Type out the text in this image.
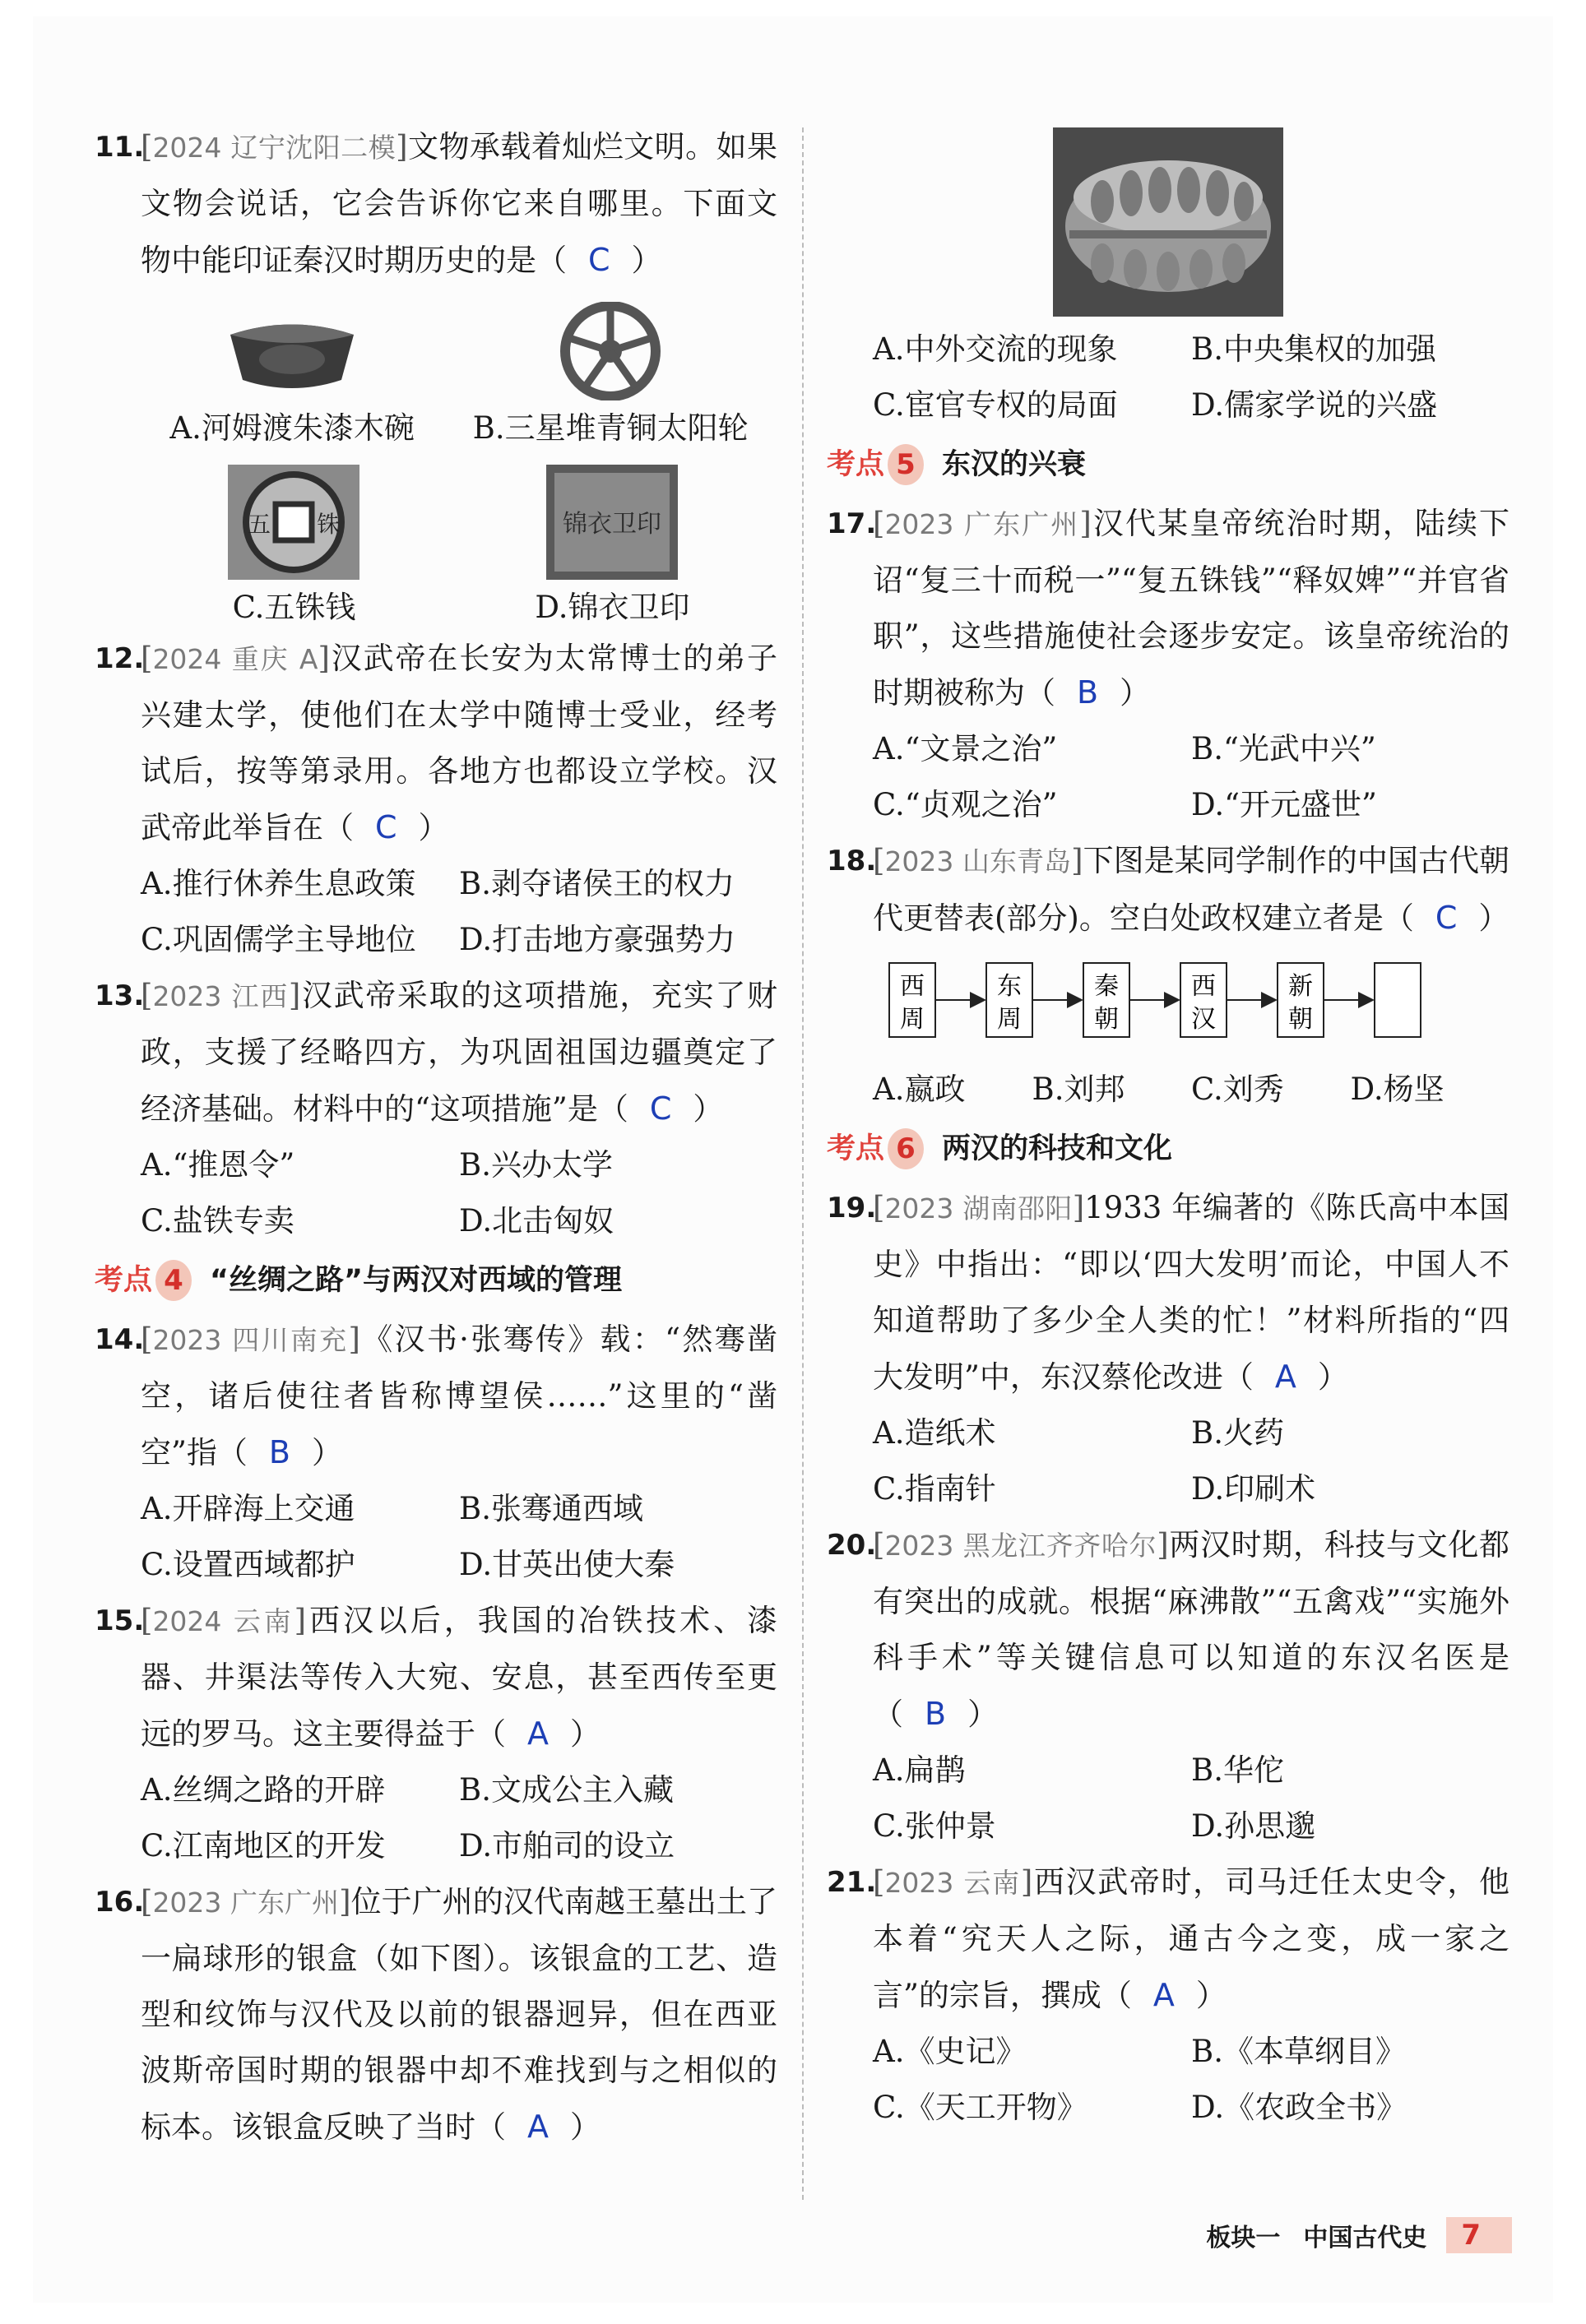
11.
[2024 辽宁沈阳二模]文物承载着灿烂文明。如果文物会说话，它会告诉你它来自哪里。下面文物中能印证秦汉时期历史的是（ C ）
A.河姆渡朱漆木碗 B.三星堆青铜太阳轮
五 铢
C.五铢钱
锦衣卫印
D.锦衣卫印
12.
[2024 重庆 A]汉武帝在长安为太常博士的弟子兴建太学，使他们在太学中随博士受业，经考试后，按等第录用。各地方也都设立学校。汉武帝此举旨在（ C ）
A.推行休养生息政策	B.剥夺诸侯王的权力
C.巩固儒学主导地位	D.打击地方豪强势力
13.
[2023 江西]汉武帝采取的这项措施，充实了财政，支援了经略四方，为巩固祖国边疆奠定了经济基础。材料中的“这项措施”是（ C ）
A.“推恩令”	B.兴办太学
C.盐铁专卖	D.北击匈奴
考点 4 “丝绸之路”与两汉对西域的管理
14.
[2023 四川南充]《汉书·张骞传》载：“然骞凿空，诸后使往者皆称博望侯……”这里的“凿空”指（ B ）
A.开辟海上交通	B.张骞通西域
C.设置西域都护	D.甘英出使大秦
15.
[2024 云南]西汉以后，我国的冶铁技术、漆器、井渠法等传入大宛、安息，甚至西传至更远的罗马。这主要得益于（ A ）
A.丝绸之路的开辟	B.文成公主入藏
C.江南地区的开发	D.市舶司的设立
16.
[2023 广东广州]位于广州的汉代南越王墓出土了一扁球形的银盒（如下图）。该银盒的工艺、造型和纹饰与汉代及以前的银器迥异，但在西亚波斯帝国时期的银器中却不难找到与之相似的标本。该银盒反映了当时（ A ）
A.中外交流的现象	B.中央集权的加强
C.宦官专权的局面	D.儒家学说的兴盛
考点 5 东汉的兴衰
17.
[2023 广东广州]汉代某皇帝统治时期，陆续下诏“复三十而税一”“复五铢钱”“释奴婢”“并官省职”，这些措施使社会逐步安定。该皇帝统治的时期被称为（ B ）
A.“文景之治”	B.“光武中兴”
C.“贞观之治”	D.“开元盛世”
18.
[2023 山东青岛]下图是某同学制作的中国古代朝代更替表(部分)。空白处政权建立者是（ C ）
西
周
东
周
秦
朝
西
汉
新
朝
A.嬴政	B.刘邦	C.刘秀	D.杨坚
考点 6 两汉的科技和文化
19.
[2023 湖南邵阳]1933 年编著的《陈氏高中本国史》中指出：“即以‘四大发明’而论，中国人不知道帮助了多少全人类的忙！”材料所指的“四大发明”中，东汉蔡伦改进（ A ）
A.造纸术	B.火药
C.指南针	D.印刷术
20.
[2023 黑龙江齐齐哈尔]两汉时期，科技与文化都有突出的成就。根据“麻沸散”“五禽戏”“实施外科手术”等关键信息可以知道的东汉名医是（ B ）
A.扁鹊	B.华佗
C.张仲景	D.孙思邈
21.
[2023 云南]西汉武帝时，司马迁任太史令，他本着“究天人之际，通古今之变，成一家之言”的宗旨，撰成（ A ）
A.《史记》	B.《本草纲目》
C.《天工开物》	D.《农政全书》
板块一 中国古代史	7
